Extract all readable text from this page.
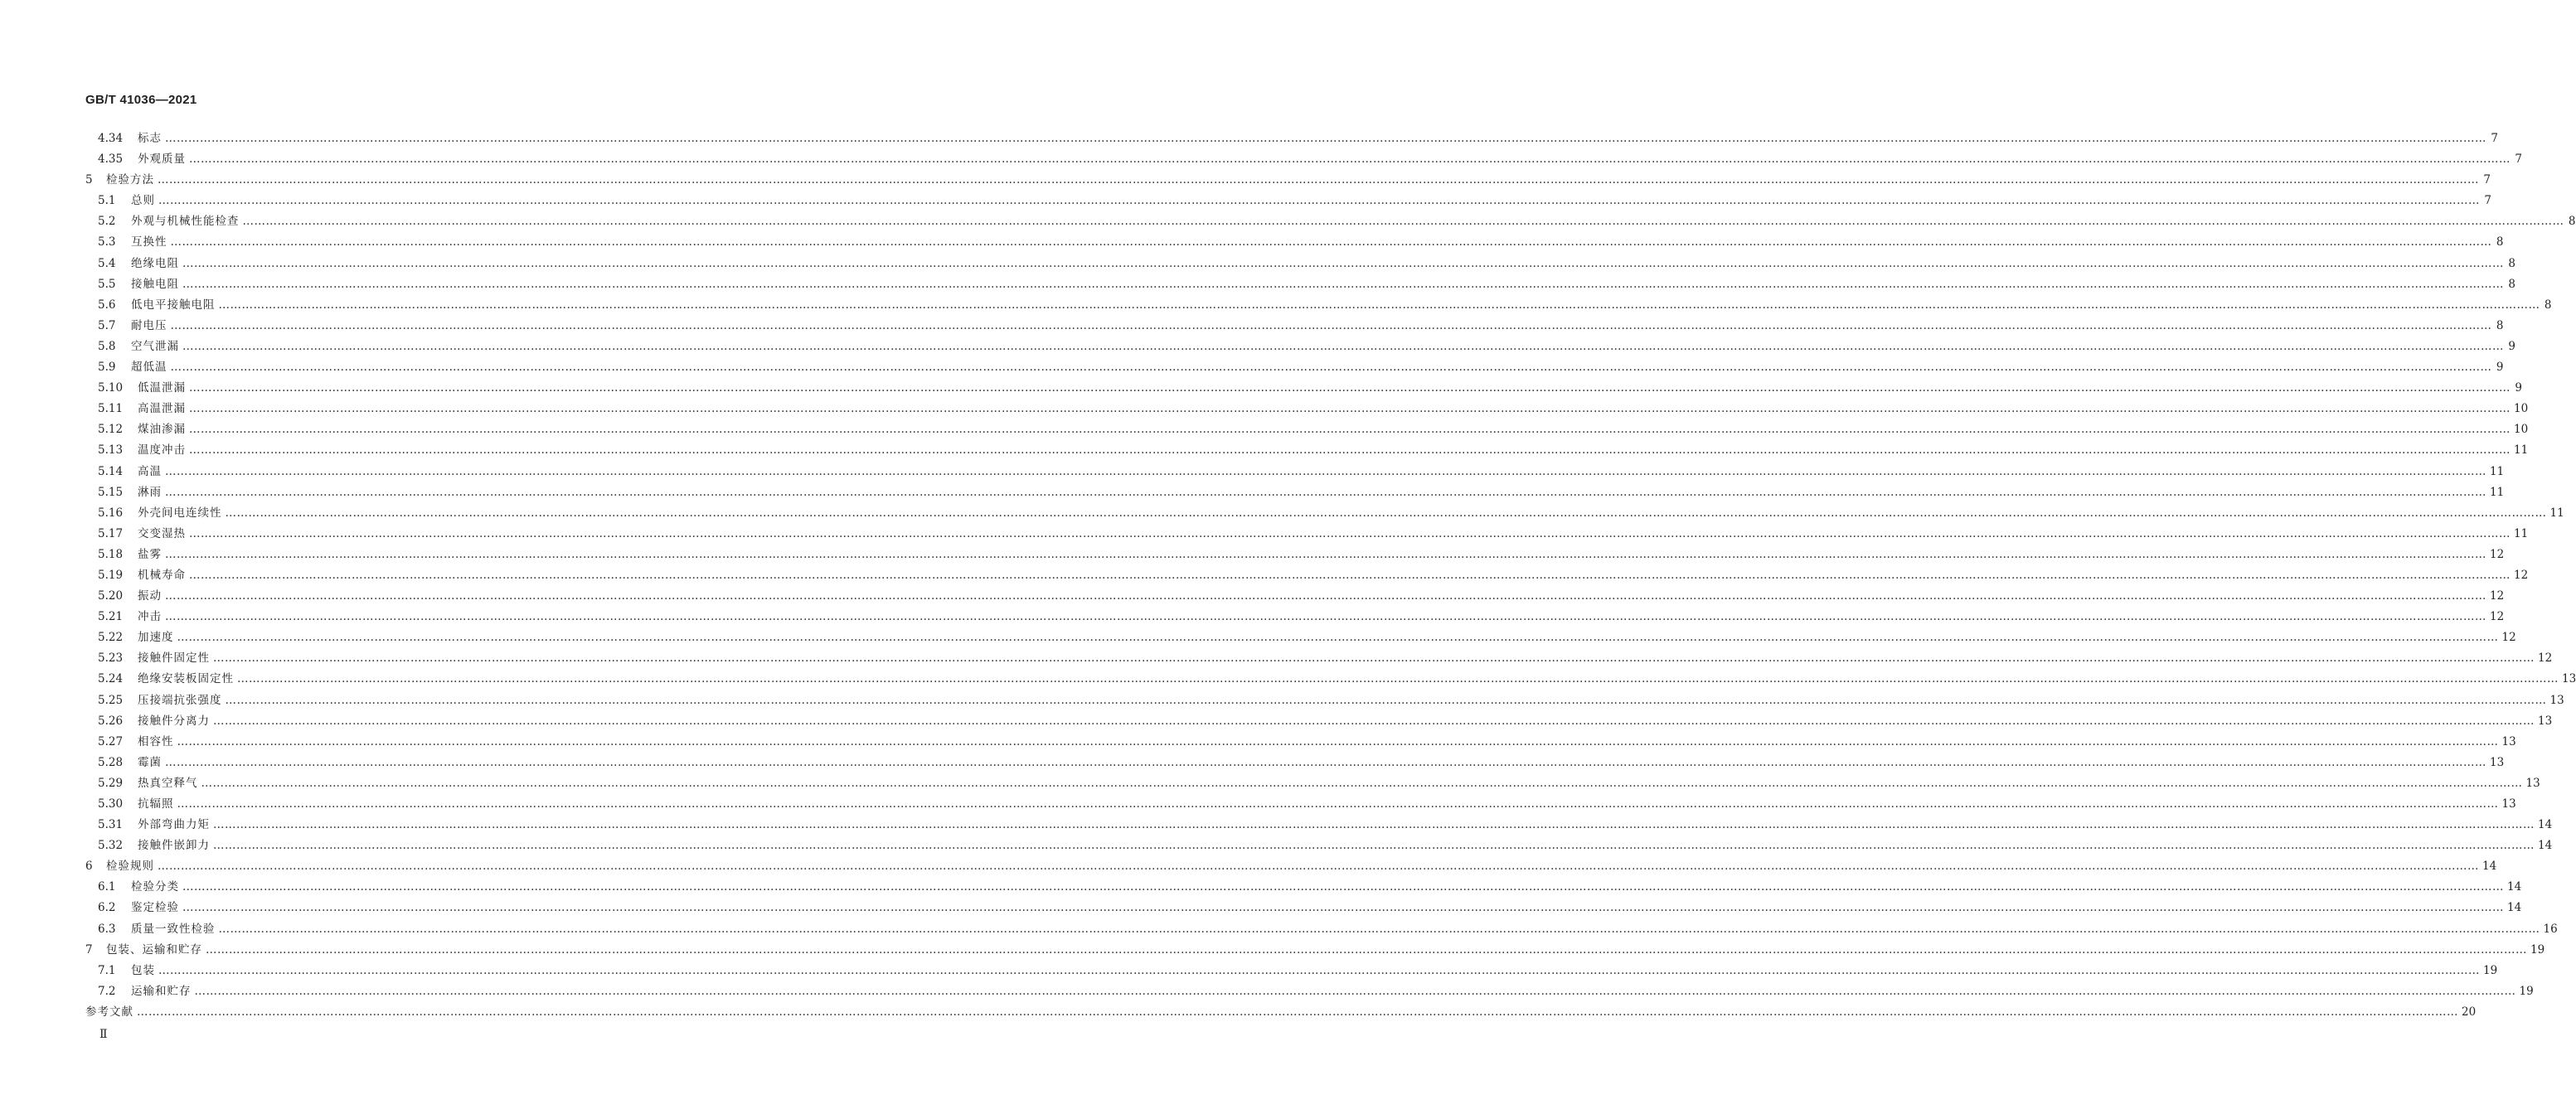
GB/T 41036—2021
4.34 标志 …………………………………………………………………………………………………………………………………………………………………………………………………………………………………………………………………………………………………………………………………………………………………………………………………………………………………………………………………………………………………………………………………………………… 7
4.35 外观质量 …………………………………………………………………………………………………………………………………………………………………………………………………………………………………………………………………………………………………………………………………………………………………………………………………………………………………………………………………………………………………………………………………………………… 7
5 检验方法 …………………………………………………………………………………………………………………………………………………………………………………………………………………………………………………………………………………………………………………………………………………………………………………………………………………………………………………………………………………………………………………………………………………… 7
5.1 总则 …………………………………………………………………………………………………………………………………………………………………………………………………………………………………………………………………………………………………………………………………………………………………………………………………………………………………………………………………………………………………………………………………………………… 7
5.2 外观与机械性能检查 …………………………………………………………………………………………………………………………………………………………………………………………………………………………………………………………………………………………………………………………………………………………………………………………………………………………………………………………………………………………………………………………………………………… 8
5.3 互换性 …………………………………………………………………………………………………………………………………………………………………………………………………………………………………………………………………………………………………………………………………………………………………………………………………………………………………………………………………………………………………………………………………………………… 8
5.4 绝缘电阻 …………………………………………………………………………………………………………………………………………………………………………………………………………………………………………………………………………………………………………………………………………………………………………………………………………………………………………………………………………………………………………………………………………………… 8
5.5 接触电阻 …………………………………………………………………………………………………………………………………………………………………………………………………………………………………………………………………………………………………………………………………………………………………………………………………………………………………………………………………………………………………………………………………………………… 8
5.6 低电平接触电阻 …………………………………………………………………………………………………………………………………………………………………………………………………………………………………………………………………………………………………………………………………………………………………………………………………………………………………………………………………………………………………………………………………………………… 8
5.7 耐电压 …………………………………………………………………………………………………………………………………………………………………………………………………………………………………………………………………………………………………………………………………………………………………………………………………………………………………………………………………………………………………………………………………………………… 8
5.8 空气泄漏 …………………………………………………………………………………………………………………………………………………………………………………………………………………………………………………………………………………………………………………………………………………………………………………………………………………………………………………………………………………………………………………………………………………… 9
5.9 超低温 …………………………………………………………………………………………………………………………………………………………………………………………………………………………………………………………………………………………………………………………………………………………………………………………………………………………………………………………………………………………………………………………………………………… 9
5.10 低温泄漏 …………………………………………………………………………………………………………………………………………………………………………………………………………………………………………………………………………………………………………………………………………………………………………………………………………………………………………………………………………………………………………………………………………………… 9
5.11 高温泄漏 …………………………………………………………………………………………………………………………………………………………………………………………………………………………………………………………………………………………………………………………………………………………………………………………………………………………………………………………………………………………………………………………………………………… 10
5.12 煤油渗漏 …………………………………………………………………………………………………………………………………………………………………………………………………………………………………………………………………………………………………………………………………………………………………………………………………………………………………………………………………………………………………………………………………………………… 10
5.13 温度冲击 …………………………………………………………………………………………………………………………………………………………………………………………………………………………………………………………………………………………………………………………………………………………………………………………………………………………………………………………………………………………………………………………………………………… 11
5.14 高温 …………………………………………………………………………………………………………………………………………………………………………………………………………………………………………………………………………………………………………………………………………………………………………………………………………………………………………………………………………………………………………………………………………………… 11
5.15 淋雨 …………………………………………………………………………………………………………………………………………………………………………………………………………………………………………………………………………………………………………………………………………………………………………………………………………………………………………………………………………………………………………………………………………………… 11
5.16 外壳间电连续性 …………………………………………………………………………………………………………………………………………………………………………………………………………………………………………………………………………………………………………………………………………………………………………………………………………………………………………………………………………………………………………………………………………………… 11
5.17 交变湿热 …………………………………………………………………………………………………………………………………………………………………………………………………………………………………………………………………………………………………………………………………………………………………………………………………………………………………………………………………………………………………………………………………………………… 11
5.18 盐雾 …………………………………………………………………………………………………………………………………………………………………………………………………………………………………………………………………………………………………………………………………………………………………………………………………………………………………………………………………………………………………………………………………………………… 12
5.19 机械寿命 …………………………………………………………………………………………………………………………………………………………………………………………………………………………………………………………………………………………………………………………………………………………………………………………………………………………………………………………………………………………………………………………………………………… 12
5.20 振动 …………………………………………………………………………………………………………………………………………………………………………………………………………………………………………………………………………………………………………………………………………………………………………………………………………………………………………………………………………………………………………………………………………………… 12
5.21 冲击 …………………………………………………………………………………………………………………………………………………………………………………………………………………………………………………………………………………………………………………………………………………………………………………………………………………………………………………………………………………………………………………………………………………… 12
5.22 加速度 …………………………………………………………………………………………………………………………………………………………………………………………………………………………………………………………………………………………………………………………………………………………………………………………………………………………………………………………………………………………………………………………………………………… 12
5.23 接触件固定性 …………………………………………………………………………………………………………………………………………………………………………………………………………………………………………………………………………………………………………………………………………………………………………………………………………………………………………………………………………………………………………………………………………………… 12
5.24 绝缘安装板固定性 …………………………………………………………………………………………………………………………………………………………………………………………………………………………………………………………………………………………………………………………………………………………………………………………………………………………………………………………………………………………………………………………………………………… 13
5.25 压接端抗张强度 …………………………………………………………………………………………………………………………………………………………………………………………………………………………………………………………………………………………………………………………………………………………………………………………………………………………………………………………………………………………………………………………………………………… 13
5.26 接触件分离力 …………………………………………………………………………………………………………………………………………………………………………………………………………………………………………………………………………………………………………………………………………………………………………………………………………………………………………………………………………………………………………………………………………………… 13
5.27 相容性 …………………………………………………………………………………………………………………………………………………………………………………………………………………………………………………………………………………………………………………………………………………………………………………………………………………………………………………………………………………………………………………………………………………… 13
5.28 霉菌 …………………………………………………………………………………………………………………………………………………………………………………………………………………………………………………………………………………………………………………………………………………………………………………………………………………………………………………………………………………………………………………………………………………… 13
5.29 热真空释气 …………………………………………………………………………………………………………………………………………………………………………………………………………………………………………………………………………………………………………………………………………………………………………………………………………………………………………………………………………………………………………………………………………………… 13
5.30 抗辐照 …………………………………………………………………………………………………………………………………………………………………………………………………………………………………………………………………………………………………………………………………………………………………………………………………………………………………………………………………………………………………………………………………………………… 13
5.31 外部弯曲力矩 …………………………………………………………………………………………………………………………………………………………………………………………………………………………………………………………………………………………………………………………………………………………………………………………………………………………………………………………………………………………………………………………………………………… 14
5.32 接触件嵌卸力 …………………………………………………………………………………………………………………………………………………………………………………………………………………………………………………………………………………………………………………………………………………………………………………………………………………………………………………………………………………………………………………………………………………… 14
6 检验规则 …………………………………………………………………………………………………………………………………………………………………………………………………………………………………………………………………………………………………………………………………………………………………………………………………………………………………………………………………………………………………………………………………………………… 14
6.1 检验分类 …………………………………………………………………………………………………………………………………………………………………………………………………………………………………………………………………………………………………………………………………………………………………………………………………………………………………………………………………………………………………………………………………………………… 14
6.2 鉴定检验 …………………………………………………………………………………………………………………………………………………………………………………………………………………………………………………………………………………………………………………………………………………………………………………………………………………………………………………………………………………………………………………………………………………… 14
6.3 质量一致性检验 …………………………………………………………………………………………………………………………………………………………………………………………………………………………………………………………………………………………………………………………………………………………………………………………………………………………………………………………………………………………………………………………………………………… 16
7 包装、运输和贮存 …………………………………………………………………………………………………………………………………………………………………………………………………………………………………………………………………………………………………………………………………………………………………………………………………………………………………………………………………………………………………………………………………………………… 19
7.1 包装 …………………………………………………………………………………………………………………………………………………………………………………………………………………………………………………………………………………………………………………………………………………………………………………………………………………………………………………………………………………………………………………………………………………… 19
7.2 运输和贮存 …………………………………………………………………………………………………………………………………………………………………………………………………………………………………………………………………………………………………………………………………………………………………………………………………………………………………………………………………………………………………………………………………………………… 19
参考文献 …………………………………………………………………………………………………………………………………………………………………………………………………………………………………………………………………………………………………………………………………………………………………………………………………………………………………………………………………………………………………………………………………………………… 20
Ⅱ
